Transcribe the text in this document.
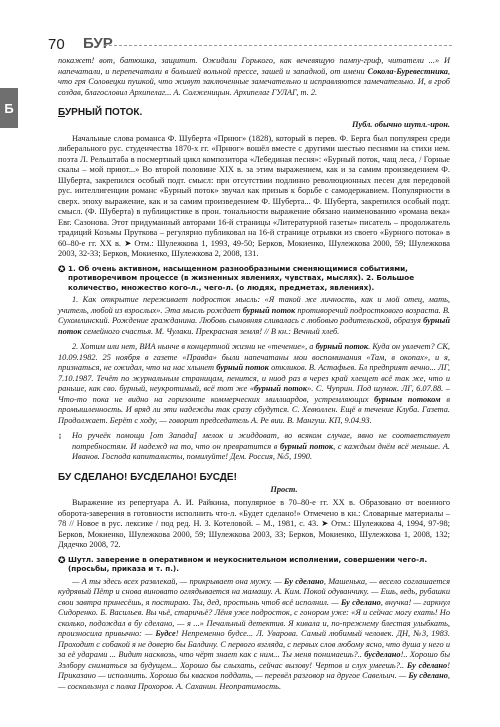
70 БУР
Б

покажет! вот, батюшка, защитит. Ожидали Горького, как вечевящую пампу-гриф, читатели ...» И напечатали, и перепечатали в большей вольной прессе, зашей и западной, от имени Сокола-Буревестника, что гря Соловецки пушкой, что живут заключенные замечательно и исправляются замечательно. И, в гроб создав, благословил Архипелаг... А. Солженицын. Архипелаг ГУЛАГ, т. 2.

БУРНЫЙ ПОТОК.
Публ. обычно шутл.-ирон.

Начальные слова романса Ф. Шуберта «Прнюг» (1828), который в перев. Ф. Берга был популярен среди либерального рус. студенчества 1870-х гг. «Прнюг» вошёл вместе с другими шестью песнями на стихи нем. поэта Л. Рельштаба в посмертный цикл композитора «Лебединая песня»: «Бурный поток, чащ леса, / Горные скалы – мой приют...» Во второй половине XIX в. за этим выражением, как и за самим произведением Ф. Шуберта, закрепился особый подт. смысл: при отсутствии подлинно революционных песен для передовой рус. интеллигенции романс «Бурный поток» звучал как призыв к борьбе с самодержавием. Популярности в сверх. эпоху выражение, как и за самим произведением Ф. Шуберта... Ф. Шуберта, закрепился особый подт. смысл. (Ф. Шуберта) в публицистике в прон. тональности выражение обязано наименованию «романа века» Евг. Сазонова. Этот придуманный авторами 16-й страницы «Литературной газеты» писатель – продолжатель традиций Козьмы Пруткова – регулярно публиковал на 16-й странице отрывки из своего «Бурного потока» в 60–80-е гг. XX в. ➤ Отм.: Шулежкова 1, 1993, 49-50; Берков, Мокиенко, Шулежкова 2000, 59; Шулежкова 2003, 32-33; Берков, Мокиенко, Шулежкова 2, 2008, 131.

✪ 1. Об очень активном, насыщенном разнообразными сменяющимися событиями, противоречивом процессе (в жизненных явлениях, чувствах, мыслях). 2. Большое количество, множество кого-л., чего-л. (о людях, предметах, явлениях).

1. Как открытие переживает подросток мысль: «Я такой же личность, как и мой отец, мать, учитель, любой из взрослых». Эта мысль рождает бурный поток противоречий подросткового возраста. В. Сухомлинский. Рождение гражданина. Любовь сыновняя сливалась с любовью родительской, образуя бурный поток семейного счастья. М. Чулаки. Прекрасная земля! // В кн.: Вечный хлеб.

2. Хотим или нет, ВИА нынче в концертной жизни не «течение», а бурный поток. Куда он увлечет? СК, 10.09.1982. 25 ноября в газете «Правда» были напечатаны мои воспоминания «Там, в окопах», и я, признаться, не ожидал, что на нас хлынет бурный поток откликов. В. Астафьев. Бл предприят вечно... ЛГ, 7.10.1987. Течёт по журнальным страницам, пенится, и ниод раз в через край хлещет всё так же, что и раньше, как сво. бурный, неукротимый, всё тот же «бурный поток». С. Чуприн. Под шумок. ЛГ, 6.07.88. – Что-то пока не видно на горизонте коммерческих миллиардов, устремляющих бурным потоком в промышленность. И вряд ли эти надежды так сразу сбудутся. С. Хевюллен. Ещё в течение Клуба. Газета. Продолжает. Берёт с ходу, — говорит председатель А. Ре вии. В. Мангуш. КП, 9.04.93.

↨	Но ручеёк помощи [от Запада] мелок и жиддоват, во всяком случае, явно не соответствует потребностям. И надежд на то, что он превратится в бурный поток, с каждым днём всё меньше. А. Иванов. Господа капиталисты, помилуйте! Дем. Россия, №5, 1990.

БУ СДЕЛАНО! БУСДЕЛАНО! БУСДЕ!
Прост.

Выражение из репертуара А. И. Райкина, популярное в 70–80-е гг. XX в. Образовано от военного оборота-заверения в готовности исполнить что-л. «Будет сделано!» Отмечено в кн.: Словарные материалы – 78 // Новое в рус. лексике / под ред. Н. З. Котеловой. – М., 1981, с. 43. ➤ Отм.: Шулежкова 4, 1994, 97-98; Берков, Мокиенко, Шулежкова 2000, 59; Шулежкова 2003, 33; Берков, Мокиенко, Шулежкова 1, 2008, 132; Дядечко 2008, 72.

✪ Шутл. заверение в оперативном и неукоснительном исполнении, совершении чего-л. (просьбы, приказа и т. п.).

— А ты здесь всех развлекай, — прикрывает она мужу. — Бу сделано, Машенька, — весело соглашается кудрявый Пётр и снова виновато оглядывается на мамашу. А. Ким. Покой одуванчику. — Ешь, ведь, рубашки свои завтра принесёшь, я постираю. Ты, дед, простынь чтоб всё исполнил. — Бу сделано, внучка! — гаркнул Сидоренко. Б. Васильев. Вы чьё, старичьё? Лёня уже подросток, с гонором уже: «Я и сейчас могу ехать! Но сколько, подождал в бу сделано, — я ...» Печальный детектив. Я кивала и, по-прежнему блестая улыбкать, произносила привычно: — Будсе! Непременно будсе... Л. Уварова. Самый любимый человек. ДН, №3, 1983. Проходит с собакой я не доверю бы Балдину. С первого взгляда, с первых слов любому ясно, что душа у него и за её ударами ... Видит насквозь, что чёрт знает как с ним... Ты меня понимаешь?.. бусделано!.. Хорошо бы Зэлбору сниматься за будущем... Хорошо бы слыхать, сейчас вызову! Чертов и слух умеешь?.. Бу сделано! Приказано — исполнить. Хорошо бы квасков поддать, — перевёл разговор на другое Савельич. — Бу сделано, — соскользнул с полка Прохоров. А. Саханин. Неопратимость.
